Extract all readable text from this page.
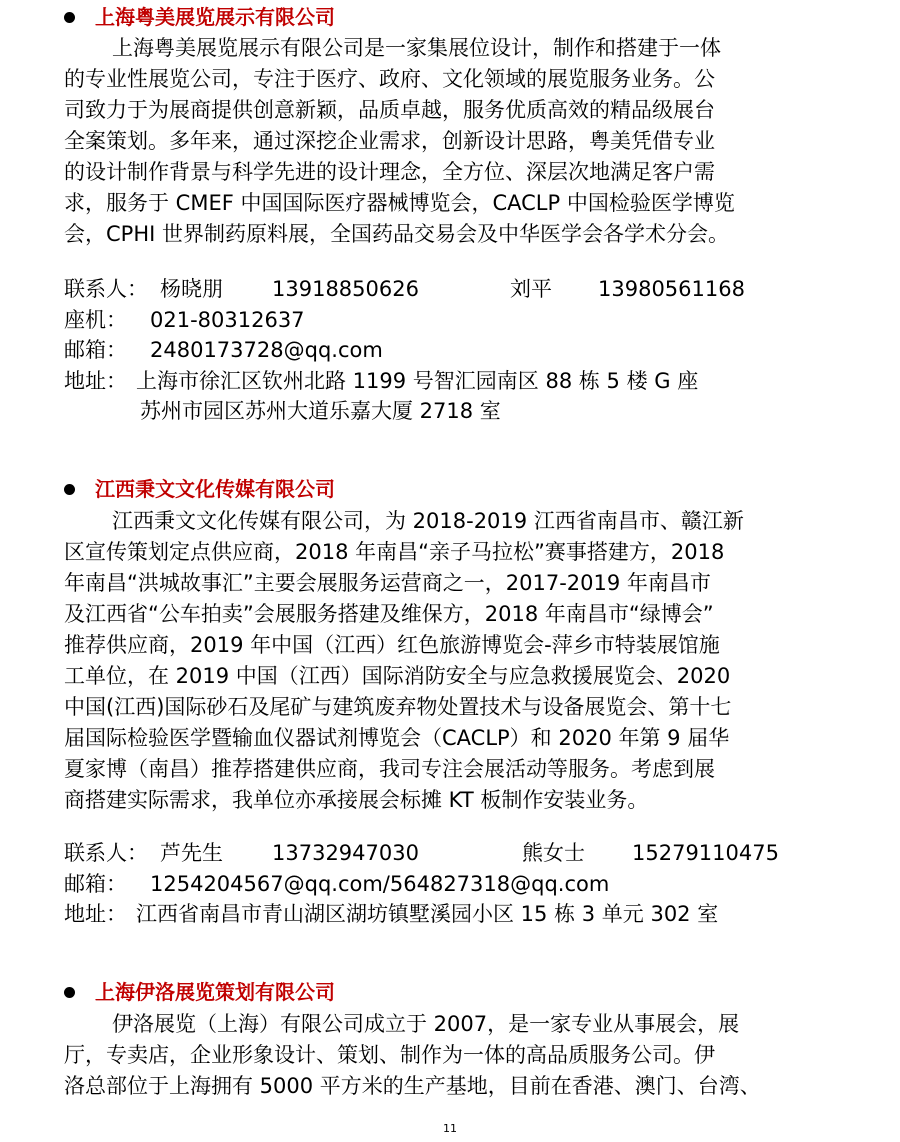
上海粤美展览展示有限公司
上海粤美展览展示有限公司是一家集展位设计，制作和搭建于一体
的专业性展览公司，专注于医疗、政府、文化领域的展览服务业务。公
司致力于为展商提供创意新颖，品质卓越，服务优质高效的精品级展台
全案策划。多年来，通过深挖企业需求，创新设计思路，粤美凭借专业
的设计制作背景与科学先进的设计理念，全方位、深层次地满足客户需
求，服务于 CMEF 中国国际医疗器械博览会，CACLP 中国检验医学博览
会，CPHI 世界制药原料展，全国药品交易会及中华医学会各学术分会。
联系人： 杨晓朋 13918850626	刘平 13980561168
座机： 021-80312637
邮箱： 2480173728@qq.com
地址： 上海市徐汇区钦州北路 1199 号智汇园南区 88 栋 5 楼 G 座
苏州市园区苏州大道乐嘉大厦 2718 室
江西秉文文化传媒有限公司
江西秉文文化传媒有限公司，为 2018-2019 江西省南昌市、赣江新
区宣传策划定点供应商，2018 年南昌“亲子马拉松”赛事搭建方，2018
年南昌“洪城故事汇”主要会展服务运营商之一，2017-2019 年南昌市
及江西省“公车拍卖”会展服务搭建及维保方，2018 年南昌市“绿博会”
推荐供应商，2019 年中国（江西）红色旅游博览会-萍乡市特装展馆施
工单位，在 2019 中国（江西）国际消防安全与应急救援展览会、2020
中国(江西)国际砂石及尾矿与建筑废弃物处置技术与设备展览会、第十七
届国际检验医学暨输血仪器试剂博览会（CACLP）和 2020 年第 9 届华
夏家博（南昌）推荐搭建供应商，我司专注会展活动等服务。考虑到展
商搭建实际需求，我单位亦承接展会标摊 KT 板制作安装业务。
联系人： 芦先生 13732947030	熊女士 15279110475
邮箱： 1254204567@qq.com/564827318@qq.com
地址： 江西省南昌市青山湖区湖坊镇墅溪园小区 15 栋 3 单元 302 室
上海伊洛展览策划有限公司
伊洛展览（上海）有限公司成立于 2007，是一家专业从事展会，展
厅，专卖店，企业形象设计、策划、制作为一体的高品质服务公司。伊
洛总部位于上海拥有 5000 平方米的生产基地，目前在香港、澳门、台湾、
11
